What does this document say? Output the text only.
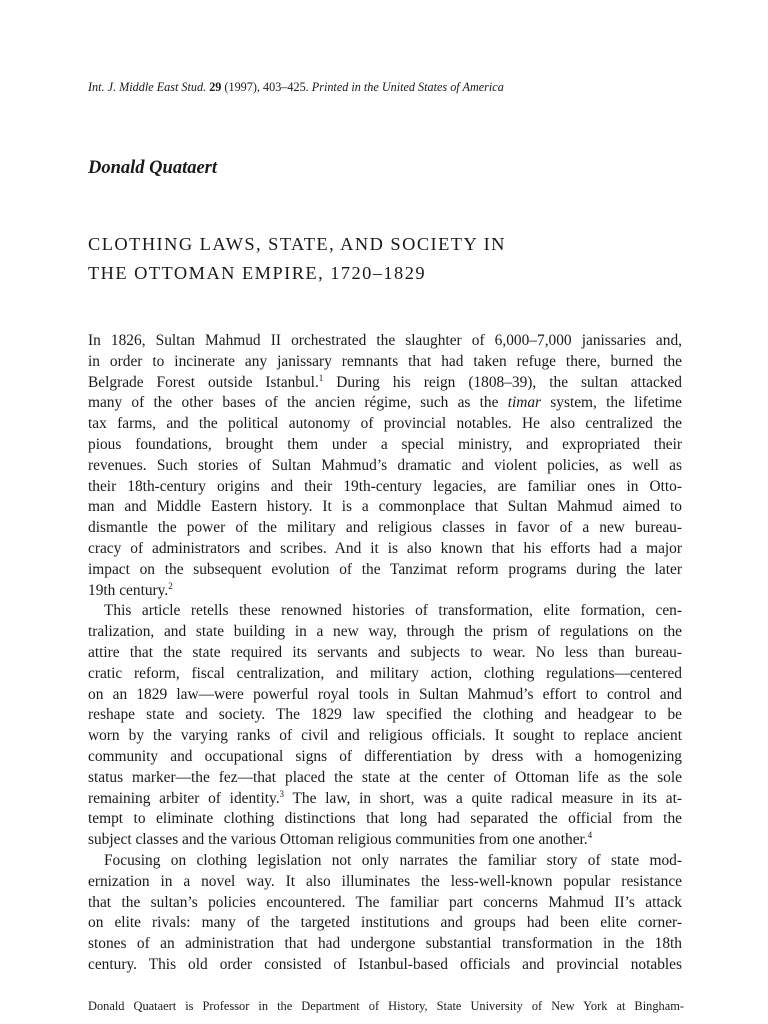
Int. J. Middle East Stud. 29 (1997), 403–425. Printed in the United States of America
Donald Quataert
CLOTHING LAWS, STATE, AND SOCIETY IN
THE OTTOMAN EMPIRE, 1720–1829
In 1826, Sultan Mahmud II orchestrated the slaughter of 6,000–7,000 janissaries and,
in order to incinerate any janissary remnants that had taken refuge there, burned the
Belgrade Forest outside Istanbul.$^1$ During his reign (1808–39), the sultan attacked
many of the other bases of the ancien régime, such as the timar system, the lifetime
tax farms, and the political autonomy of provincial notables. He also centralized the
pious foundations, brought them under a special ministry, and expropriated their
revenues. Such stories of Sultan Mahmud’s dramatic and violent policies, as well as
their 18th-century origins and their 19th-century legacies, are familiar ones in Otto-
man and Middle Eastern history. It is a commonplace that Sultan Mahmud aimed to
dismantle the power of the military and religious classes in favor of a new bureau-
cracy of administrators and scribes. And it is also known that his efforts had a major
impact on the subsequent evolution of the Tanzimat reform programs during the later
19th century.$^2$
This article retells these renowned histories of transformation, elite formation, cen-
tralization, and state building in a new way, through the prism of regulations on the
attire that the state required its servants and subjects to wear. No less than bureau-
cratic reform, fiscal centralization, and military action, clothing regulations—centered
on an 1829 law—were powerful royal tools in Sultan Mahmud’s effort to control and
reshape state and society. The 1829 law specified the clothing and headgear to be
worn by the varying ranks of civil and religious officials. It sought to replace ancient
community and occupational signs of differentiation by dress with a homogenizing
status marker—the fez—that placed the state at the center of Ottoman life as the sole
remaining arbiter of identity.$^3$ The law, in short, was a quite radical measure in its at-
tempt to eliminate clothing distinctions that long had separated the official from the
subject classes and the various Ottoman religious communities from one another.$^4$
Focusing on clothing legislation not only narrates the familiar story of state mod-
ernization in a novel way. It also illuminates the less-well-known popular resistance
that the sultan’s policies encountered. The familiar part concerns Mahmud II’s attack
on elite rivals: many of the targeted institutions and groups had been elite corner-
stones of an administration that had undergone substantial transformation in the 18th
century. This old order consisted of Istanbul-based officials and provincial notables
Donald Quataert is Professor in the Department of History, State University of New York at Bingham-
